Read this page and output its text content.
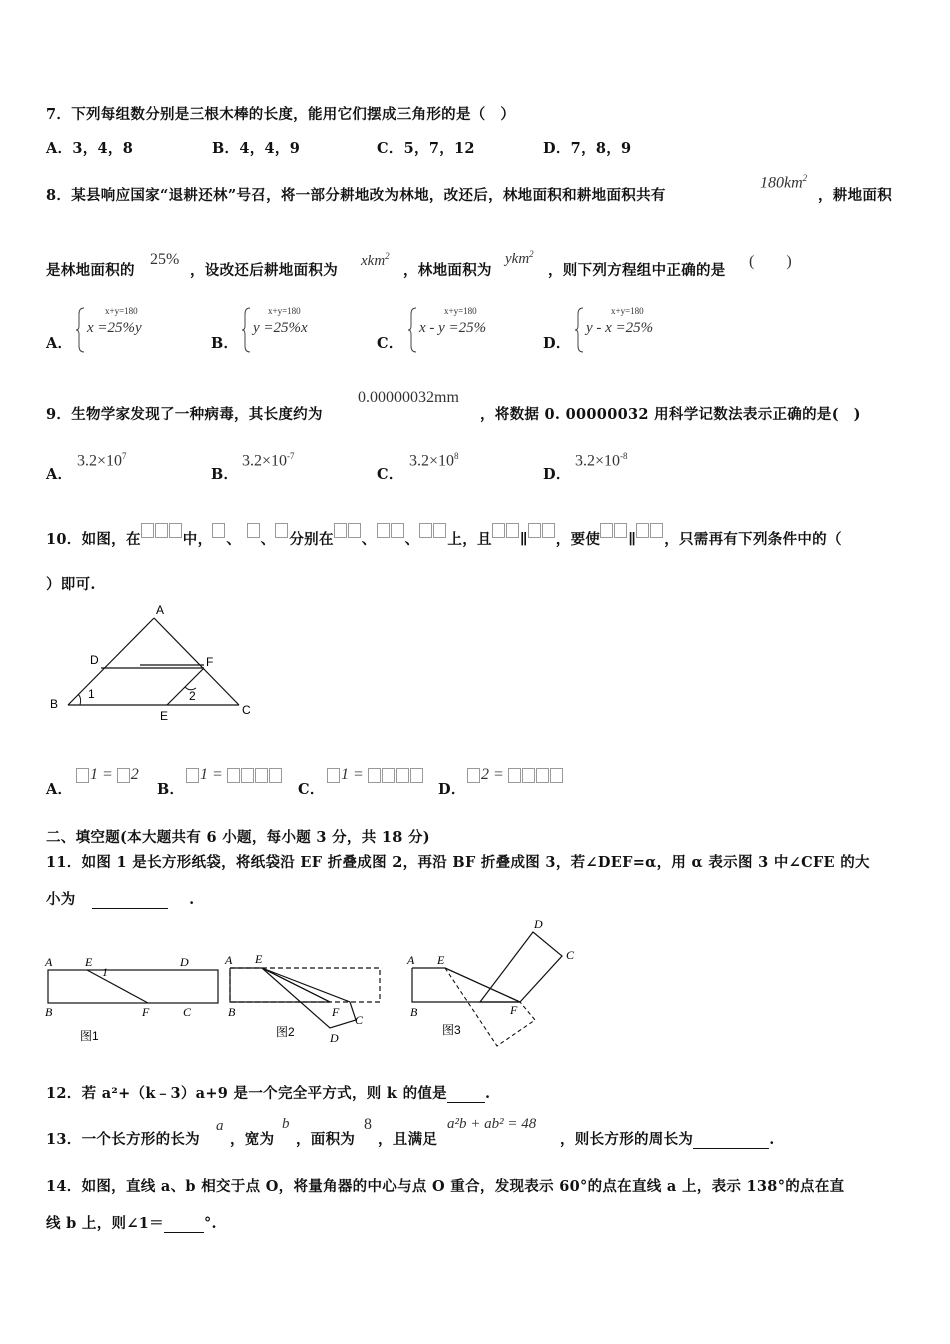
7．下列每组数分别是三根木棒的长度，能用它们摆成三角形的是（　）
A．3，4，8	B．4，4，9	C．5，7，12	D．7，8，9
8．某县响应国家“退耕还林”号召，将一部分耕地改为林地，改还后，林地面积和耕地面积共有
$180km^2$
，耕地面积
是林地面积的
25%
，设改还后耕地面积为
xkm$^2$
，林地面积为
ykm$^2$
，则下列方程组中正确的是
(　　)
A．
x+y=180
x =25%y
B．
x+y=180
y =25%x
C．
x+y=180
x - y =25%
D．
x+y=180
y - x =25%
9．生物学家发现了一种病毒，其长度约为
0.00000032mm
，将数据 0. 00000032 用科学记数法表示正确的是(　)
A．
$3.2\times 10^7$
B．
$3.2\times 10^{-7}$
C．
$3.2\times 10^8$
D．
$3.2\times 10^{-8}$
10．如图，在	中， 、 、 分别在 、 、 上，且 ∥ ，要使 ∥ ，只需再有下列条件中的（
）即可.
A
D	F
B	C
E
1	2
A．
1 = 2
B．
1 =
C．
1 =
D．
2 =
二、填空题(本大题共有 6 小题，每小题 3 分，共 18 分)
11．如图 1 是长方形纸袋，将纸袋沿 EF 折叠成图 2，再沿 BF 折叠成图 3，若∠DEF=α，用 α 表示图 3 中∠CFE 的大
小为	.
A	E
1
D
B	F	C
图1
A E
B	F
C
D
图2
A E
B	F
D
C
图3
12．若 a²+（k﹣3）a+9 是一个完全平方式，则 k 的值是	.
13．一个长方形的长为
a
，宽为
b
，面积为
8
，且满足
a²b + ab² = 48
，则长方形的周长为	.
14．如图，直线 a、b 相交于点 O，将量角器的中心与点 O 重合，发现表示 60°的点在直线 a 上，表示 138°的点在直
线 b 上，则∠1＝	°.
